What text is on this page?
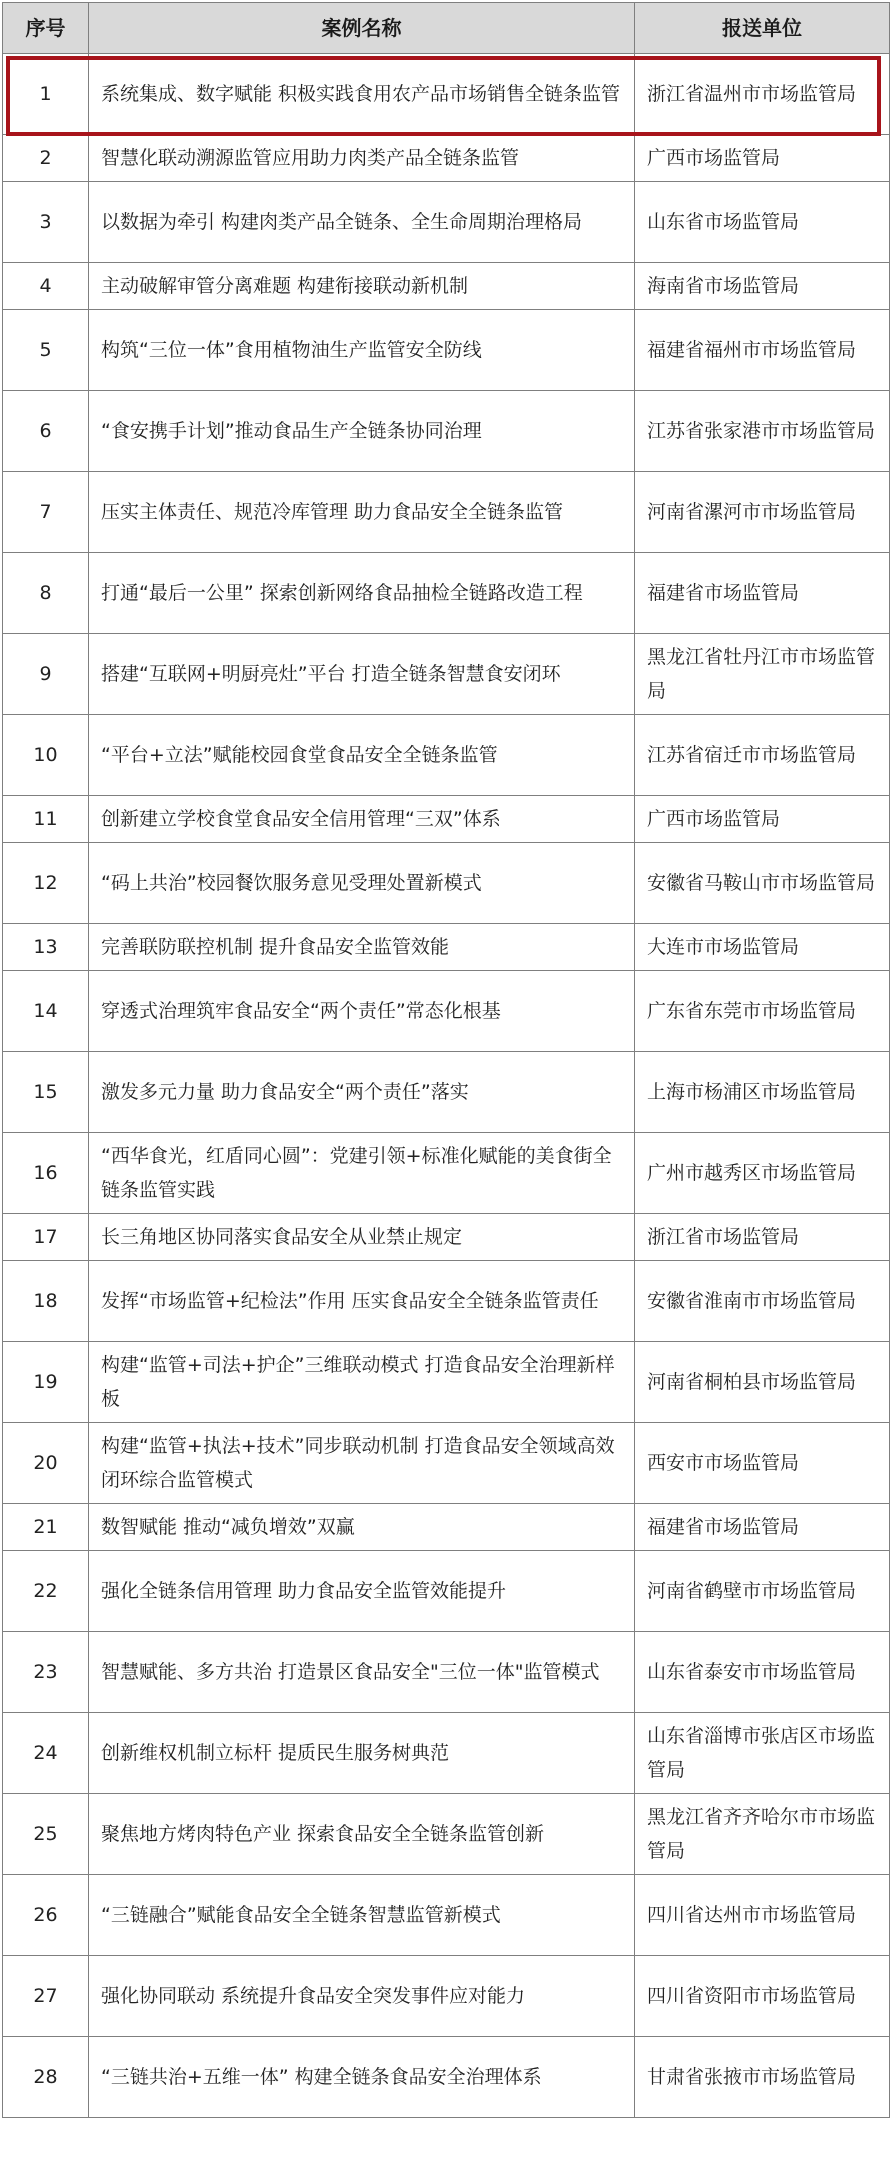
序号	案例名称	报送单位
1	系统集成、数字赋能 积极实践食用农产品市场销售全链条监管	浙江省温州市市场监管局
2	智慧化联动溯源监管应用助力肉类产品全链条监管	广西市场监管局
3	以数据为牵引 构建肉类产品全链条、全生命周期治理格局	山东省市场监管局
4	主动破解审管分离难题 构建衔接联动新机制	海南省市场监管局
5	构筑“三位一体”食用植物油生产监管安全防线	福建省福州市市场监管局
6	“食安携手计划”推动食品生产全链条协同治理	江苏省张家港市市场监管局
7	压实主体责任、规范冷库管理 助力食品安全全链条监管	河南省漯河市市场监管局
8	打通“最后一公里” 探索创新网络食品抽检全链路改造工程	福建省市场监管局
9	搭建“互联网+明厨亮灶”平台 打造全链条智慧食安闭环	黑龙江省牡丹江市市场监管局
10	“平台+立法”赋能校园食堂食品安全全链条监管	江苏省宿迁市市场监管局
11	创新建立学校食堂食品安全信用管理“三双”体系	广西市场监管局
12	“码上共治”校园餐饮服务意见受理处置新模式	安徽省马鞍山市市场监管局
13	完善联防联控机制 提升食品安全监管效能	大连市市场监管局
14	穿透式治理筑牢食品安全“两个责任”常态化根基	广东省东莞市市场监管局
15	激发多元力量 助力食品安全“两个责任”落实	上海市杨浦区市场监管局
16	“西华食光，红盾同心圆”：党建引领+标准化赋能的美食街全链条监管实践	广州市越秀区市场监管局
17	长三角地区协同落实食品安全从业禁止规定	浙江省市场监管局
18	发挥“市场监管+纪检法”作用 压实食品安全全链条监管责任	安徽省淮南市市场监管局
19	构建“监管+司法+护企”三维联动模式 打造食品安全治理新样板	河南省桐柏县市场监管局
20	构建“监管+执法+技术”同步联动机制 打造食品安全领域高效闭环综合监管模式	西安市市场监管局
21	数智赋能 推动“减负增效”双赢	福建省市场监管局
22	强化全链条信用管理 助力食品安全监管效能提升	河南省鹤壁市市场监管局
23	智慧赋能、多方共治 打造景区食品安全"三位一体"监管模式	山东省泰安市市场监管局
24	创新维权机制立标杆 提质民生服务树典范	山东省淄博市张店区市场监管局
25	聚焦地方烤肉特色产业 探索食品安全全链条监管创新	黑龙江省齐齐哈尔市市场监管局
26	“三链融合”赋能食品安全全链条智慧监管新模式	四川省达州市市场监管局
27	强化协同联动 系统提升食品安全突发事件应对能力	四川省资阳市市场监管局
28	“三链共治+五维一体” 构建全链条食品安全治理体系	甘肃省张掖市市场监管局
